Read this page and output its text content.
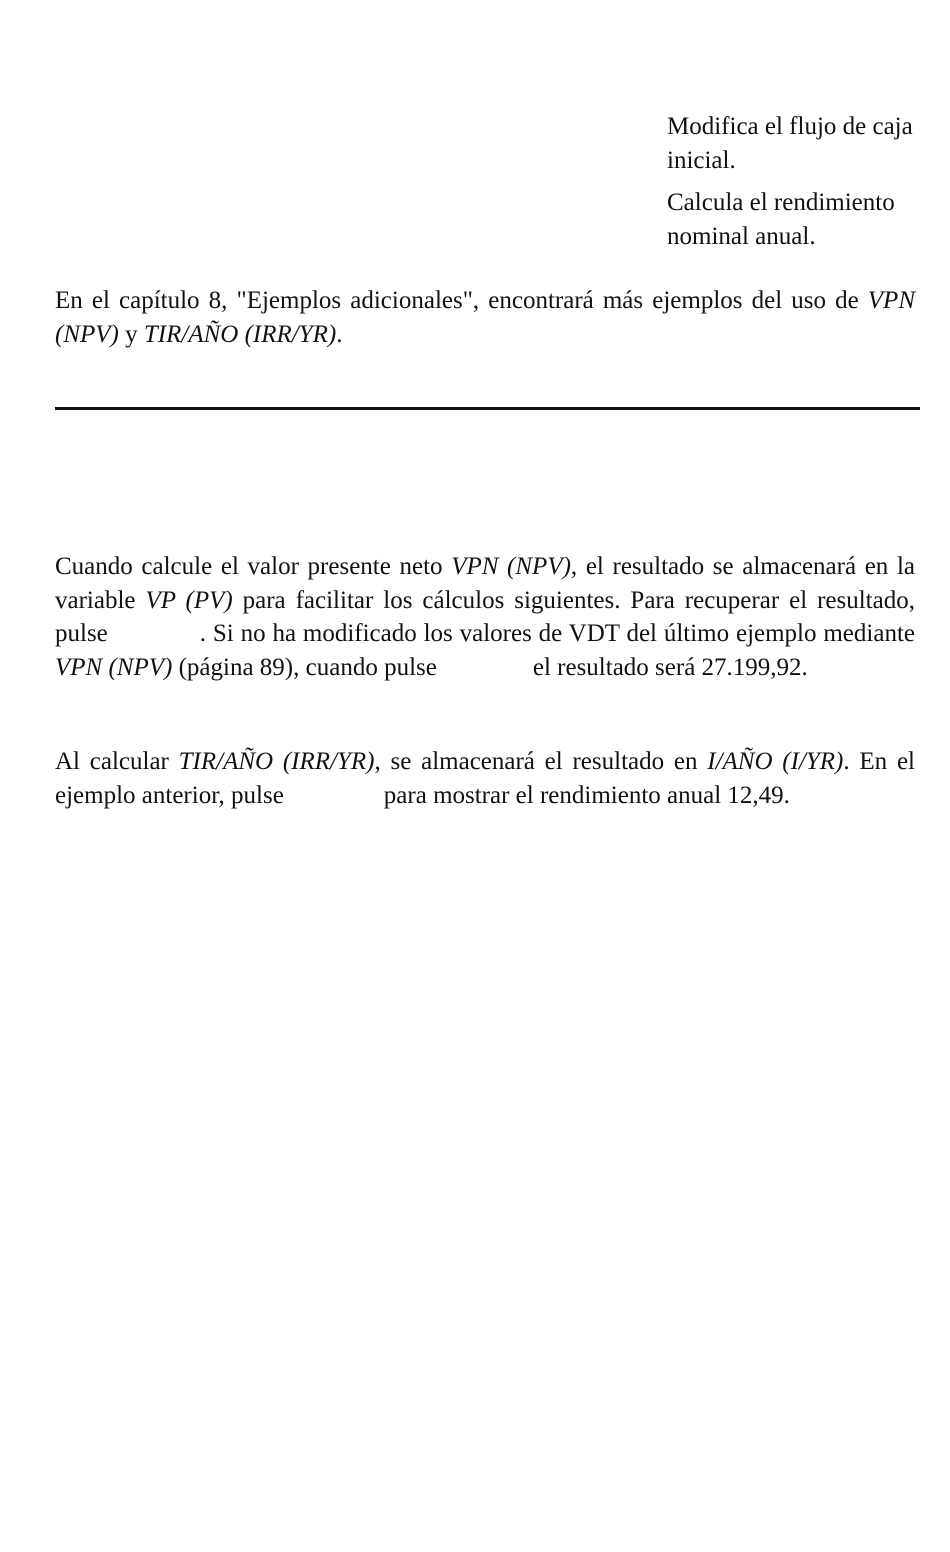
Modifica el flujo de caja inicial.

Calcula el rendimiento nominal anual.

En el capítulo 8, "Ejemplos adicionales", encontrará más ejemplos del uso de VPN (NPV) y TIR/AÑO (IRR/YR).

Cuando calcule el valor presente neto VPN (NPV), el resultado se almacenará en la variable VP (PV) para facilitar los cálculos siguientes. Para recuperar el resultado, pulse	. Si no ha modificado los valores de VDT del último ejemplo mediante VPN (NPV) (página 89), cuando pulse	el resultado será 27.199,92.

Al calcular TIR/AÑO (IRR/YR), se almacenará el resultado en I/AÑO (I/YR). En el ejemplo anterior, pulse	para mostrar el rendimiento anual 12,49.
